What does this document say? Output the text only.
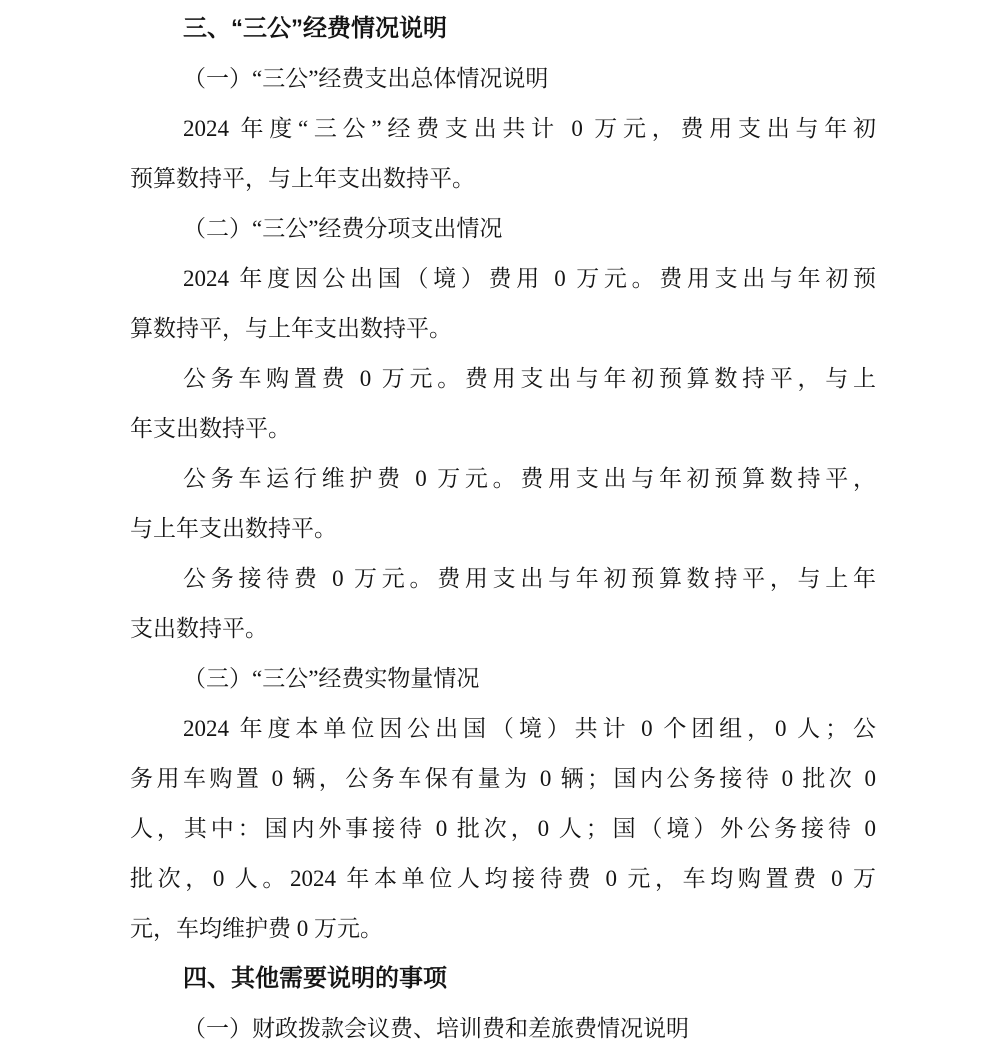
三、“三公”经费情况说明
（一）“三公”经费支出总体情况说明
2024 年度“三公”经费支出共计 0 万元，费用支出与年初
预算数持平，与上年支出数持平。
（二）“三公”经费分项支出情况
2024 年度因公出国（境）费用 0 万元。费用支出与年初预
算数持平，与上年支出数持平。
公务车购置费 0 万元。费用支出与年初预算数持平，与上
年支出数持平。
公务车运行维护费 0 万元。费用支出与年初预算数持平，
与上年支出数持平。
公务接待费 0 万元。费用支出与年初预算数持平，与上年
支出数持平。
（三）“三公”经费实物量情况
2024 年度本单位因公出国（境）共计 0 个团组，0 人；公
务用车购置 0 辆，公务车保有量为 0 辆；国内公务接待 0 批次 0
人，其中：国内外事接待 0 批次，0 人；国（境）外公务接待 0
批次，0 人。2024 年本单位人均接待费 0 元，车均购置费 0 万
元，车均维护费 0 万元。
四、其他需要说明的事项
（一）财政拨款会议费、培训费和差旅费情况说明
